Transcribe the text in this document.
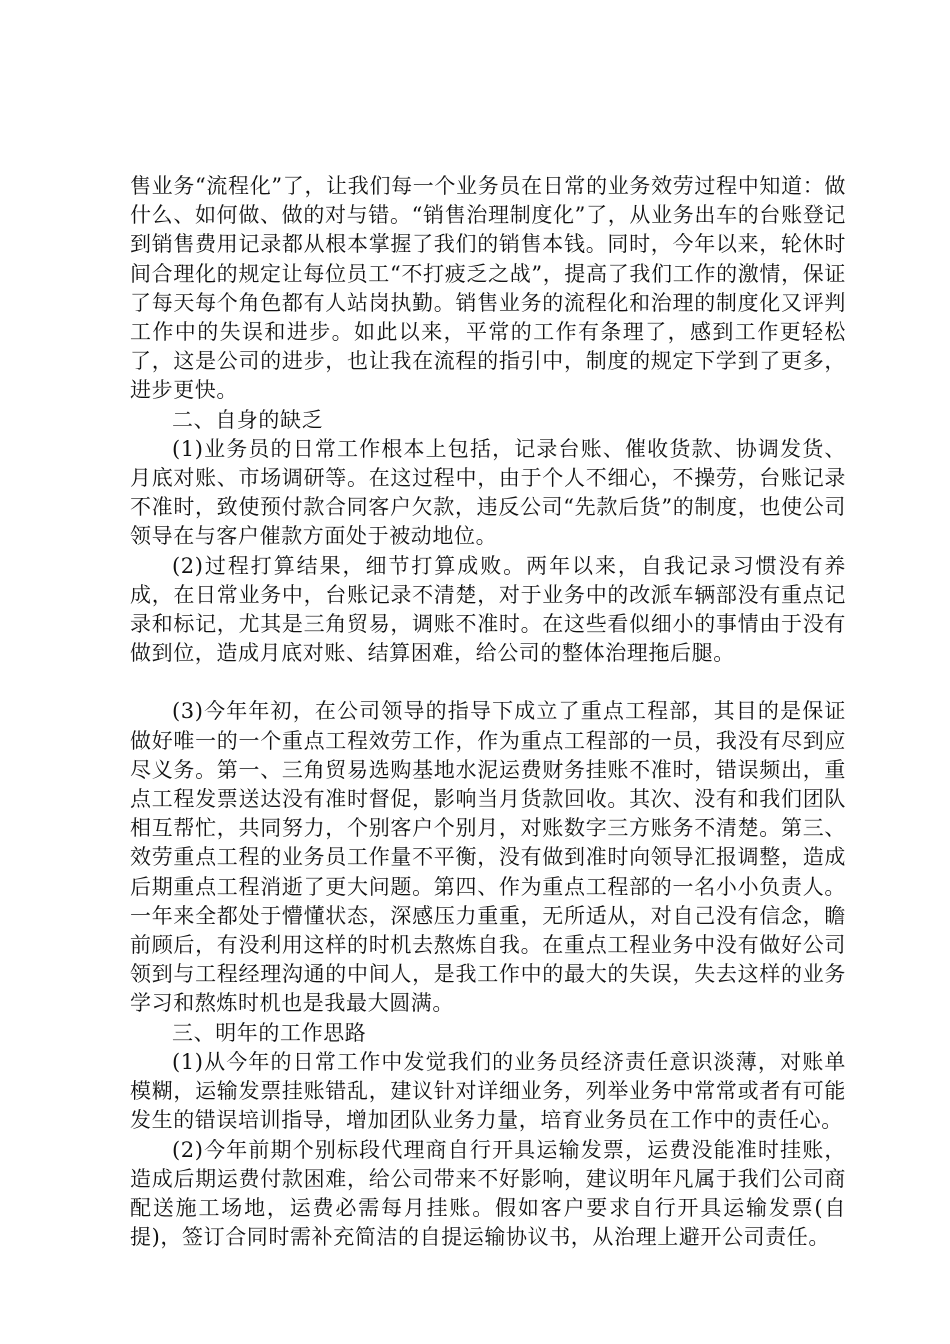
售业务“流程化”了，让我们每一个业务员在日常的业务效劳过程中知道：做什么、如何做、做的对与错。“销售治理制度化”了，从业务出车的台账登记到销售费用记录都从根本掌握了我们的销售本钱。同时，今年以来，轮休时间合理化的规定让每位员工“不打疲乏之战”，提高了我们工作的激情，保证了每天每个角色都有人站岗执勤。销售业务的流程化和治理的制度化又评判工作中的失误和进步。如此以来，平常的工作有条理了，感到工作更轻松了，这是公司的进步，也让我在流程的指引中，制度的规定下学到了更多，进步更快。

二、自身的缺乏

(1)业务员的日常工作根本上包括，记录台账、催收货款、协调发货、月底对账、市场调研等。在这过程中，由于个人不细心，不操劳，台账记录不准时，致使预付款合同客户欠款，违反公司“先款后货”的制度，也使公司领导在与客户催款方面处于被动地位。

(2)过程打算结果，细节打算成败。两年以来，自我记录习惯没有养成，在日常业务中，台账记录不清楚，对于业务中的改派车辆部没有重点记录和标记，尤其是三角贸易，调账不准时。在这些看似细小的事情由于没有做到位，造成月底对账、结算困难，给公司的整体治理拖后腿。

(3)今年年初，在公司领导的指导下成立了重点工程部，其目的是保证做好唯一的一个重点工程效劳工作，作为重点工程部的一员，我没有尽到应尽义务。第一、三角贸易选购基地水泥运费财务挂账不准时，错误频出，重点工程发票送达没有准时督促，影响当月货款回收。其次、没有和我们团队相互帮忙，共同努力，个别客户个别月，对账数字三方账务不清楚。第三、效劳重点工程的业务员工作量不平衡，没有做到准时向领导汇报调整，造成后期重点工程消逝了更大问题。第四、作为重点工程部的一名小小负责人。一年来全都处于懵懂状态，深感压力重重，无所适从，对自己没有信念，瞻前顾后，有没利用这样的时机去熬炼自我。在重点工程业务中没有做好公司领到与工程经理沟通的中间人，是我工作中的最大的失误，失去这样的业务学习和熬炼时机也是我最大圆满。

三、明年的工作思路

(1)从今年的日常工作中发觉我们的业务员经济责任意识淡薄，对账单模糊，运输发票挂账错乱，建议针对详细业务，列举业务中常常或者有可能发生的错误培训指导，增加团队业务力量，培育业务员在工作中的责任心。

(2)今年前期个别标段代理商自行开具运输发票，运费没能准时挂账，造成后期运费付款困难，给公司带来不好影响，建议明年凡属于我们公司商配送施工场地，运费必需每月挂账。假如客户要求自行开具运输发票(自提)，签订合同时需补充简洁的自提运输协议书，从治理上避开公司责任。
